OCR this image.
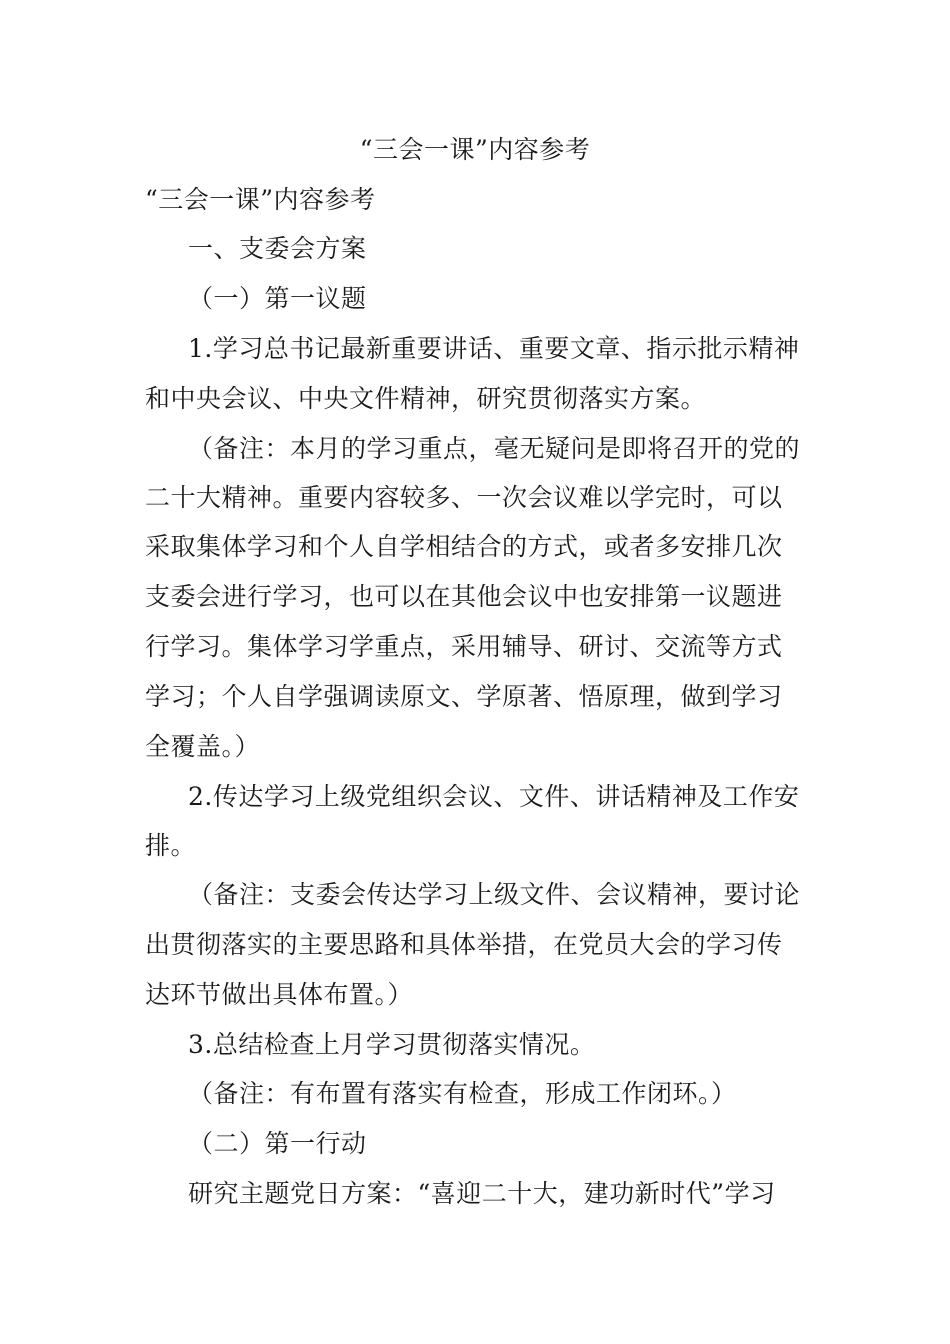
“三会一课”内容参考
“三会一课”内容参考
一、支委会方案
（一）第一议题
1.学习总书记最新重要讲话、重要文章、指示批示精神
和中央会议、中央文件精神，研究贯彻落实方案。
（备注：本月的学习重点，毫无疑问是即将召开的党的
二十大精神。重要内容较多、一次会议难以学完时，可以
采取集体学习和个人自学相结合的方式，或者多安排几次
支委会进行学习，也可以在其他会议中也安排第一议题进
行学习。集体学习学重点，采用辅导、研讨、交流等方式
学习；个人自学强调读原文、学原著、悟原理，做到学习
全覆盖。）
2.传达学习上级党组织会议、文件、讲话精神及工作安
排。
（备注：支委会传达学习上级文件、会议精神，要讨论
出贯彻落实的主要思路和具体举措，在党员大会的学习传
达环节做出具体布置。）
3.总结检查上月学习贯彻落实情况。
（备注：有布置有落实有检查，形成工作闭环。）
（二）第一行动
研究主题党日方案：“喜迎二十大，建功新时代”学习
